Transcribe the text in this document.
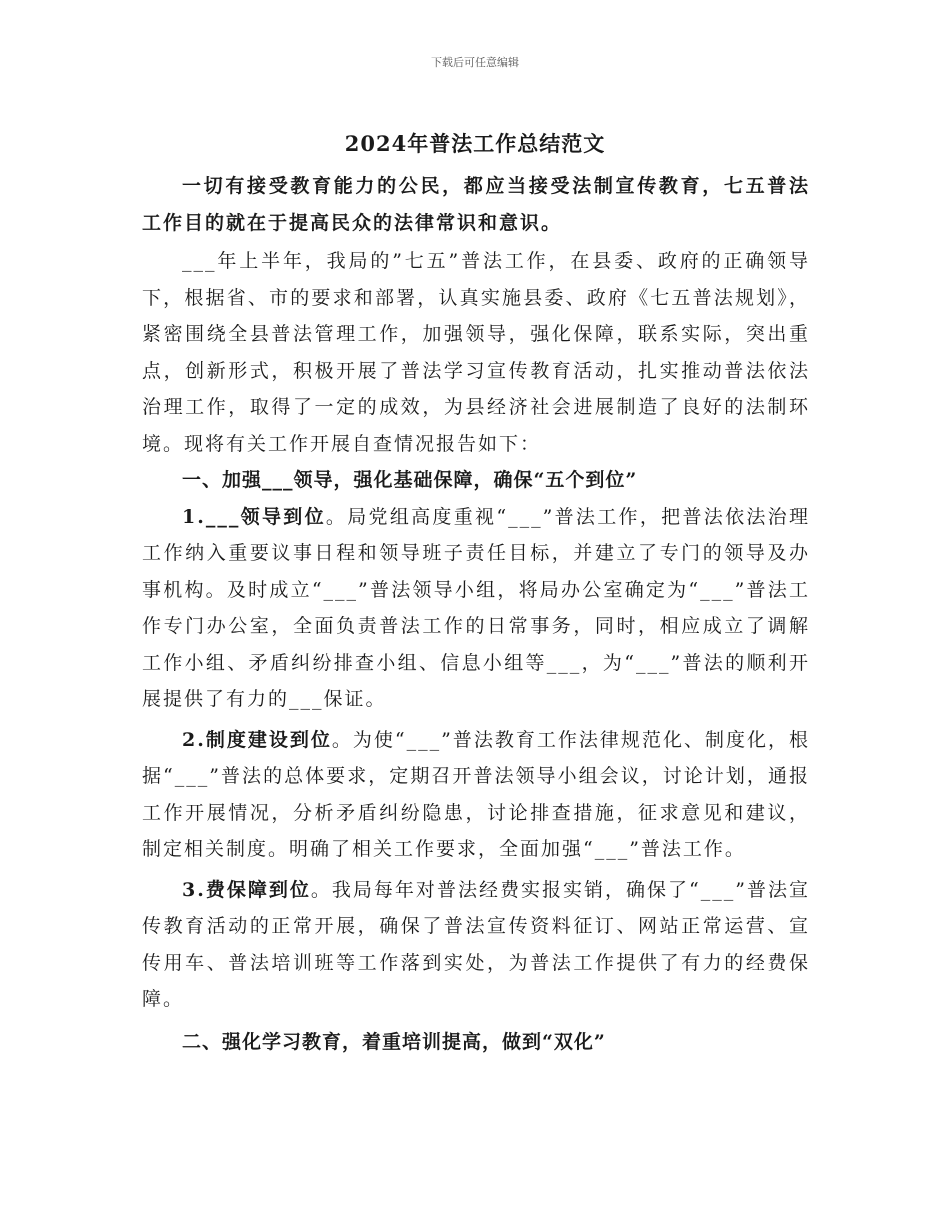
下载后可任意编辑
2024年普法工作总结范文

一切有接受教育能力的公民，都应当接受法制宣传教育，七五普法工作目的就在于提高民众的法律常识和意识。

___年上半年，我局的”七五”普法工作，在县委、政府的正确领导下，根据省、市的要求和部署，认真实施县委、政府《七五普法规划》，紧密围绕全县普法管理工作，加强领导，强化保障，联系实际，突出重点，创新形式，积极开展了普法学习宣传教育活动，扎实推动普法依法治理工作，取得了一定的成效，为县经济社会进展制造了良好的法制环境。现将有关工作开展自查情况报告如下：

一、加强___领导，强化基础保障，确保“五个到位”

1.___领导到位。局党组高度重视“___”普法工作，把普法依法治理工作纳入重要议事日程和领导班子责任目标，并建立了专门的领导及办事机构。及时成立“___”普法领导小组，将局办公室确定为“___”普法工作专门办公室，全面负责普法工作的日常事务，同时，相应成立了调解工作小组、矛盾纠纷排查小组、信息小组等___，为“___”普法的顺利开展提供了有力的___保证。

2.制度建设到位。为使“___”普法教育工作法律规范化、制度化，根据“___”普法的总体要求，定期召开普法领导小组会议，讨论计划，通报工作开展情况，分析矛盾纠纷隐患，讨论排查措施，征求意见和建议，制定相关制度。明确了相关工作要求，全面加强“___”普法工作。

3.费保障到位。我局每年对普法经费实报实销，确保了“___”普法宣传教育活动的正常开展，确保了普法宣传资料征订、网站正常运营、宣传用车、普法培训班等工作落到实处，为普法工作提供了有力的经费保障。

二、强化学习教育，着重培训提高，做到“双化”
